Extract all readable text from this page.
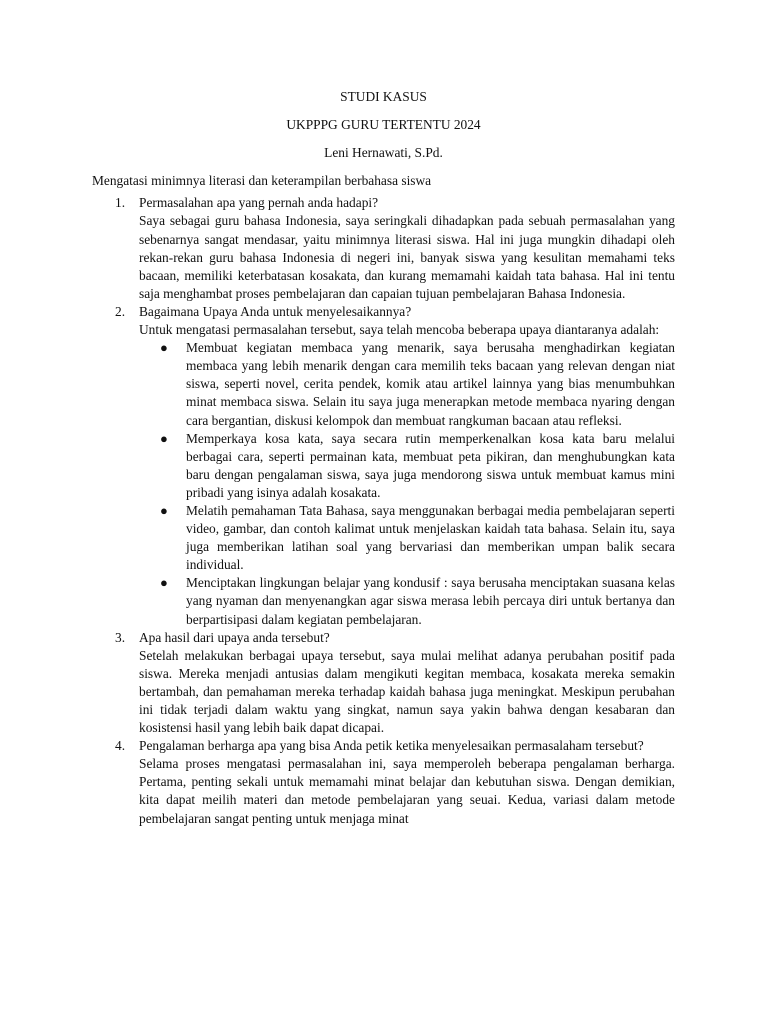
STUDI KASUS

UKPPPG GURU TERTENTU 2024

Leni Hernawati, S.Pd.

Mengatasi minimnya literasi dan keterampilan berbahasa siswa

1. Permasalahan apa yang pernah anda hadapi?

Saya sebagai guru bahasa Indonesia, saya seringkali dihadapkan pada sebuah permasalahan yang sebenarnya sangat mendasar, yaitu minimnya literasi siswa. Hal ini juga mungkin dihadapi oleh rekan-rekan guru bahasa Indonesia di negeri ini, banyak siswa yang kesulitan memahami teks bacaan, memiliki keterbatasan kosakata, dan kurang memamahi kaidah tata bahasa. Hal ini tentu saja menghambat proses pembelajaran dan capaian tujuan pembelajaran Bahasa Indonesia.

2. Bagaimana Upaya Anda untuk menyelesaikannya?

Untuk mengatasi permasalahan tersebut, saya telah mencoba beberapa upaya diantaranya adalah:

● Membuat kegiatan membaca yang menarik, saya berusaha menghadirkan kegiatan membaca yang lebih menarik dengan cara memilih teks bacaan yang relevan dengan niat siswa, seperti novel, cerita pendek, komik atau artikel lainnya yang bias menumbuhkan minat membaca siswa. Selain itu saya juga menerapkan metode membaca nyaring dengan cara bergantian, diskusi kelompok dan membuat rangkuman bacaan atau refleksi.

● Memperkaya kosa kata, saya secara rutin memperkenalkan kosa kata baru melalui berbagai cara, seperti permainan kata, membuat peta pikiran, dan menghubungkan kata baru dengan pengalaman siswa, saya juga mendorong siswa untuk membuat kamus mini pribadi yang isinya adalah kosakata.

● Melatih pemahaman Tata Bahasa, saya menggunakan berbagai media pembelajaran seperti video, gambar, dan contoh kalimat untuk menjelaskan kaidah tata bahasa. Selain itu, saya juga memberikan latihan soal yang bervariasi dan memberikan umpan balik secara individual.

● Menciptakan lingkungan belajar yang kondusif : saya berusaha menciptakan suasana kelas yang nyaman dan menyenangkan agar siswa merasa lebih percaya diri untuk bertanya dan berpartisipasi dalam kegiatan pembelajaran.

3. Apa hasil dari upaya anda tersebut?

Setelah melakukan berbagai upaya tersebut, saya mulai melihat adanya perubahan positif pada siswa. Mereka menjadi antusias dalam mengikuti kegitan membaca, kosakata mereka semakin bertambah, dan pemahaman mereka terhadap kaidah bahasa juga meningkat. Meskipun perubahan ini tidak terjadi dalam waktu yang singkat, namun saya yakin bahwa dengan kesabaran dan kosistensi hasil yang lebih baik dapat dicapai.

4. Pengalaman berharga apa yang bisa Anda petik ketika menyelesaikan permasalaham tersebut?

Selama proses mengatasi permasalahan ini, saya memperoleh beberapa pengalaman berharga. Pertama, penting sekali untuk memamahi minat belajar dan kebutuhan siswa. Dengan demikian, kita dapat meilih materi dan metode pembelajaran yang seuai. Kedua, variasi dalam metode pembelajaran sangat penting untuk menjaga minat
